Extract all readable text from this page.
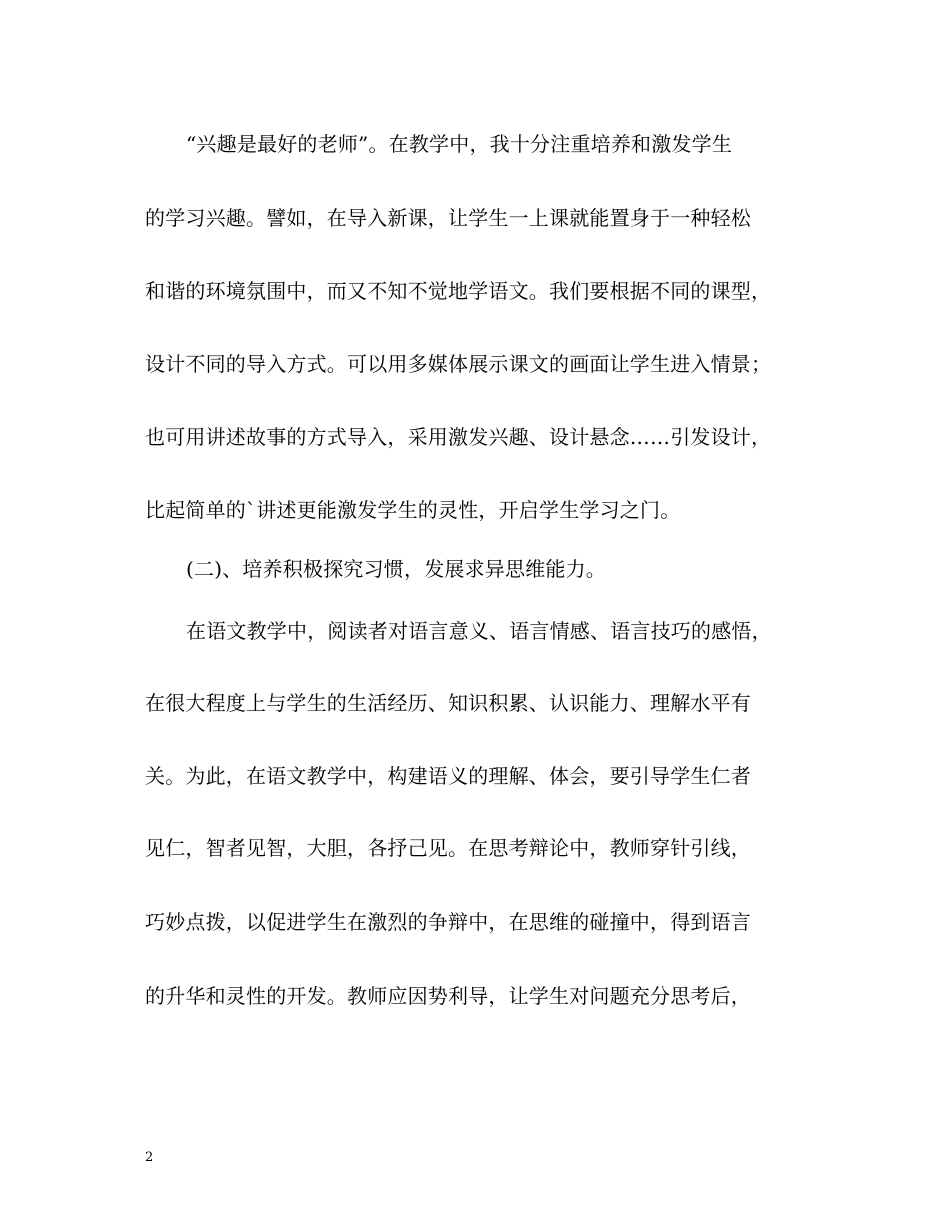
“兴趣是最好的老师”。在教学中，我十分注重培养和激发学生
的学习兴趣。譬如，在导入新课，让学生一上课就能置身于一种轻松
和谐的环境氛围中，而又不知不觉地学语文。我们要根据不同的课型，
设计不同的导入方式。可以用多媒体展示课文的画面让学生进入情景；
也可用讲述故事的方式导入，采用激发兴趣、设计悬念……引发设计，
比起简单的`讲述更能激发学生的灵性，开启学生学习之门。
(二)、培养积极探究习惯，发展求异思维能力。
在语文教学中，阅读者对语言意义、语言情感、语言技巧的感悟，
在很大程度上与学生的生活经历、知识积累、认识能力、理解水平有
关。为此，在语文教学中，构建语义的理解、体会，要引导学生仁者
见仁，智者见智，大胆，各抒己见。在思考辩论中，教师穿针引线，
巧妙点拨，以促进学生在激烈的争辩中，在思维的碰撞中，得到语言
的升华和灵性的开发。教师应因势利导，让学生对问题充分思考后，
2
